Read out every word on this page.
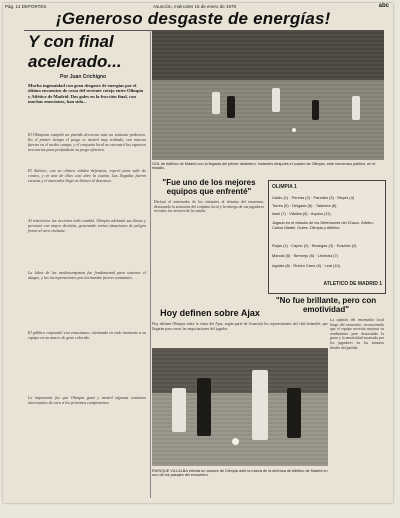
Pág. 14 DEPORTES	Asunción, miércoles 15 de enero de 1978	abc
¡Generoso desgaste de energías!
Y con final
acelerado...
Por Juan Crichigno
Mucho ingenuidad con gran desgaste de energías por el último encuentro de cesta del reciente cotejo entre Olimpia y Atlético de Madrid. Dos goles en la fracción final, con muchas emociones, han sido...
El Olimpista cumplió un partido decoroso ante un visitante poderoso. En el primer tiempo el juego se mostró muy trabado, con marcas fuertes en el medio campo, y el conjunto local no encontró los espacios necesarios para profundizar su juego ofensivo.
El Atlético, con su clásica solidez defensiva, esperó para salir de contra, y en una de ellas casi abre la cuenta. Las llegadas fueron escasas y el marcador llegó en blanco al descanso.
Al reiniciarse las acciones todo cambió. Olimpia adelantó sus líneas y presionó con mayor decisión, generando varias situaciones de peligro frente al arco visitante.
La labor de los mediocampistas fue fundamental para sostener el ataque, y las incorporaciones por las bandas fueron constantes.
El público respondió con entusiasmo, alentando en todo momento a su equipo en un marco de gran colorido.
Lo importante fue que Olimpia ganó y mostró algunas variantes interesantes de cara a los próximos compromisos.
GOL de Atlético de Madrid con la llegada del primer delantero. Instantes después el cuadro de Olimpia, ante numeroso público, en el estadio.
"Fue uno de los mejores equipos que enfrenté"
Declaró el entrenador de los visitantes al término del encuentro, destacando la actuación del conjunto local y la entrega de sus jugadores en todos los sectores de la cancha.
OLIMPIA 1
Galdo (1) · Pereira (2) · Paredes (3) · Reyes (4)
Torres (5) · Delgado (6) · Talavera (8)
Isasi (7) · Villalba (9) · Aquino (11)
Jugado en el estadio de los Defensores del Chaco. Árbitro: Carlos Martel. Goles: Olimpia y Atlético.
Rojas (1) · Capón (2) · Benegas (3) · Eusebio (4)
Marcial (5) · Bermejo (6) · Leivinha (7)
Aguilar (8) · Rubén Cano (9) · Leal (10)
ATLETICO DE MADRID 1
"No fue brillante, pero con emotividad"
La opinión del entrenador local luego del encuentro, reconociendo que el equipo necesita mejorar su rendimiento pero destacando la garra y la emotividad mostrada por los jugadores en los minutos finales del partido.
Hoy definen sobre Ajax
Hoy definen Olimpia sobre la venta del Ajax, según parte de Asunción los representantes del club holandés, que llegarán para cerrar las negociaciones del jugador.
ENRIQUE VILLALBA intenta un avance de Olimpia ante la marca de la defensa de Atlético de Madrid en uno de los pasajes del encuentro.
